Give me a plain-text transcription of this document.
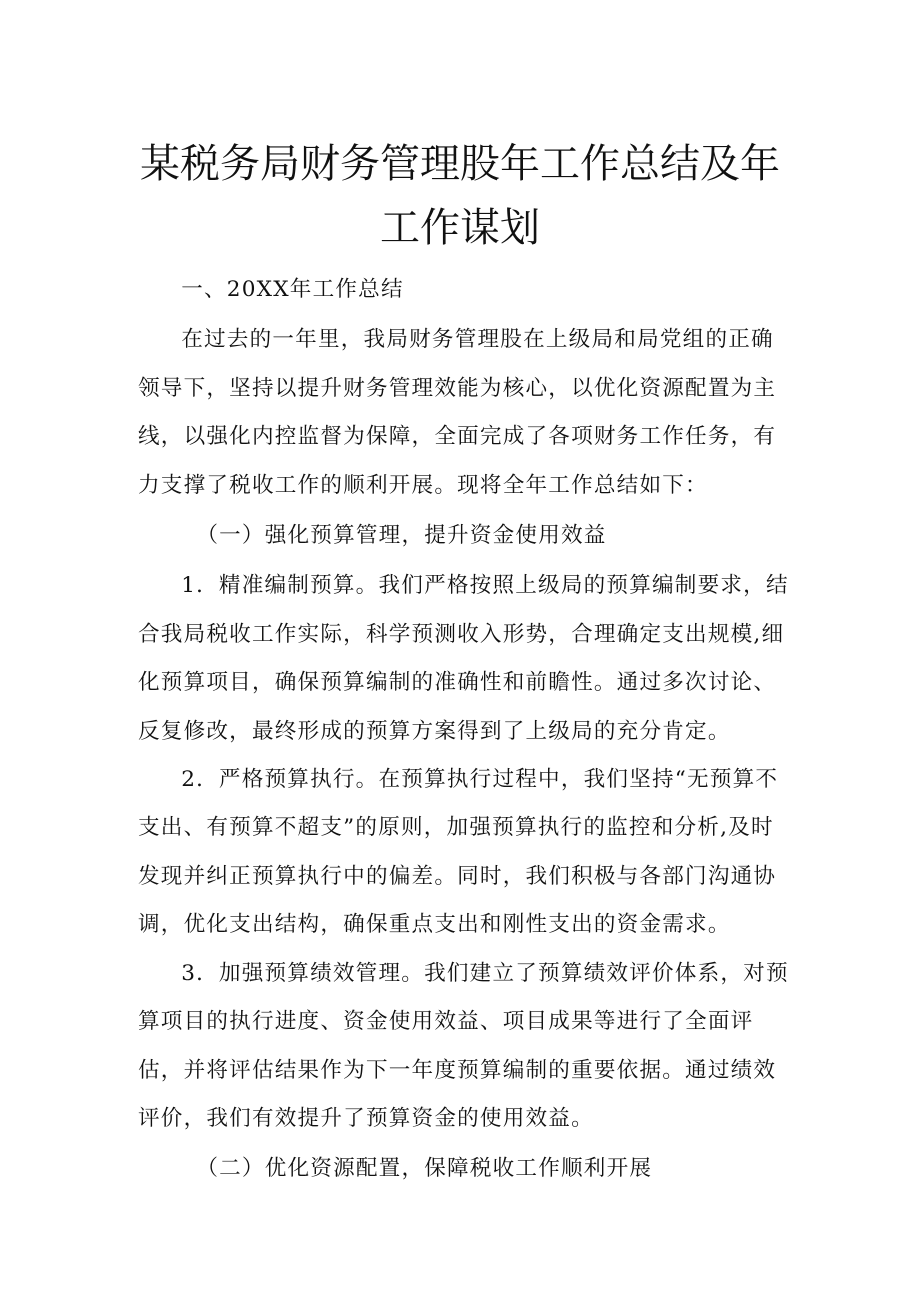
某税务局财务管理股年工作总结及年工作谋划

一、20XX年工作总结

在过去的一年里，我局财务管理股在上级局和局党组的正确领导下，坚持以提升财务管理效能为核心，以优化资源配置为主线，以强化内控监督为保障，全面完成了各项财务工作任务，有力支撑了税收工作的顺利开展。现将全年工作总结如下：

（一）强化预算管理，提升资金使用效益

1．精准编制预算。我们严格按照上级局的预算编制要求，结合我局税收工作实际，科学预测收入形势，合理确定支出规模,细化预算项目，确保预算编制的准确性和前瞻性。通过多次讨论、反复修改，最终形成的预算方案得到了上级局的充分肯定。

2．严格预算执行。在预算执行过程中，我们坚持“无预算不支出、有预算不超支”的原则，加强预算执行的监控和分析,及时发现并纠正预算执行中的偏差。同时，我们积极与各部门沟通协调，优化支出结构，确保重点支出和刚性支出的资金需求。

3．加强预算绩效管理。我们建立了预算绩效评价体系，对预算项目的执行进度、资金使用效益、项目成果等进行了全面评估，并将评估结果作为下一年度预算编制的重要依据。通过绩效评价，我们有效提升了预算资金的使用效益。

（二）优化资源配置，保障税收工作顺利开展
